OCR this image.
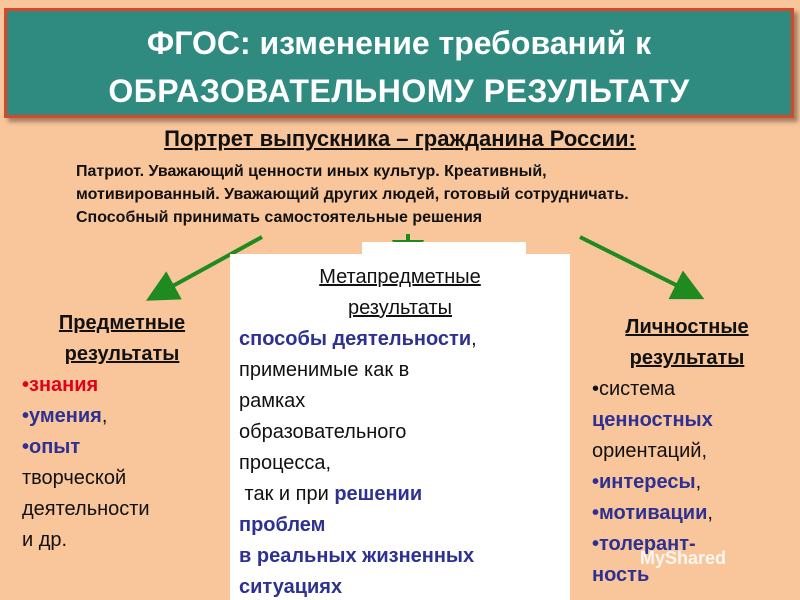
ФГОС: изменение требований к
ОБРАЗОВАТЕЛЬНОМУ РЕЗУЛЬТАТУ
Портрет выпускника – гражданина России:
Патриот. Уважающий ценности иных культур. Креативный,
мотивированный. Уважающий других людей, готовый сотрудничать.
Способный принимать самостоятельные решения
Метапредметные
результаты
способы деятельности,
применимые как в
рамках
образовательного
процесса,
так и при решении
проблем
в реальных жизненных
ситуациях
Предметные
результаты
•знания
•умения,
•опыт
творческой
деятельности
и др.
Личностные
результаты
•система
ценностных
ориентаций,
•интересы,
•мотивации,
•толерант-
ность
MyShared
